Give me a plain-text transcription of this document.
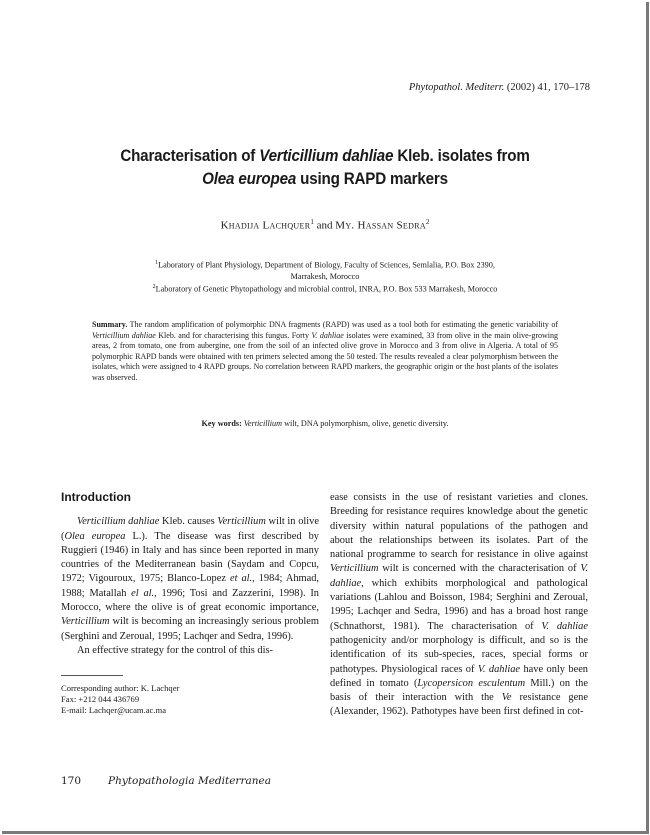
Phytopathol. Mediterr. (2002) 41, 170–178
Characterisation of Verticillium dahliae Kleb. isolates from
Olea europea using RAPD markers
Khadija Lachquer$^1$ and My. Hassan Sedra$^2$
$^1$Laboratory of Plant Physiology, Department of Biology, Faculty of Sciences, Semlalia, P.O. Box 2390,
Marrakesh, Morocco
$^2$Laboratory of Genetic Phytopathology and microbial control, INRA, P.O. Box 533 Marrakesh, Morocco
Summary. The random amplification of polymorphic DNA fragments (RAPD) was used as a tool both for estimating the genetic variability of Verticillium dahliae Kleb. and for characterising this fungus. Forty V. dahliae isolates were examined, 33 from olive in the main olive-growing areas, 2 from tomato, one from aubergine, one from the soil of an infected olive grove in Morocco and 3 from olive in Algeria. A total of 95 polymorphic RAPD bands were obtained with ten primers selected among the 50 tested. The results revealed a clear polymorphism between the isolates, which were assigned to 4 RAPD groups. No correlation between RAPD markers, the geographic origin or the host plants of the isolates was observed.
Key words: Verticillium wilt, DNA polymorphism, olive, genetic diversity.
Introduction

Verticillium dahliae Kleb. causes Verticillium wilt in olive (Olea europea L.). The disease was first described by Ruggieri (1946) in Italy and has since been reported in many countries of the Mediterranean basin (Saydam and Copcu, 1972; Vigouroux, 1975; Blanco-Lopez et al., 1984; Ahmad, 1988; Matallah el al., 1996; Tosi and Zazzerini, 1998). In Morocco, where the olive is of great economic importance, Verticillium wilt is becoming an increasingly serious problem (Serghini and Zeroual, 1995; Lachqer and Sedra, 1996).

An effective strategy for the control of this dis-

ease consists in the use of resistant varieties and clones. Breeding for resistance requires knowledge about the genetic diversity within natural populations of the pathogen and about the relationships between its isolates. Part of the national programme to search for resistance in olive against Verticillium wilt is concerned with the characterisation of V. dahliae, which exhibits morphological and pathological variations (Lahlou and Boisson, 1984; Serghini and Zeroual, 1995; Lachqer and Sedra, 1996) and has a broad host range (Schnathorst, 1981). The characterisation of V. dahliae pathogenicity and/or morphology is difficult, and so is the identification of its sub-species, races, special forms or pathotypes. Physiological races of V. dahliae have only been defined in tomato (Lycopersicon esculentum Mill.) on the basis of their interaction with the Ve resistance gene (Alexander, 1962). Pathotypes have been first defined in cot-

Corresponding author: K. Lachqer
Fax: +212 044 436769
E-mail: Lachqer@ucam.ac.ma
170	Phytopathologia Mediterranea
